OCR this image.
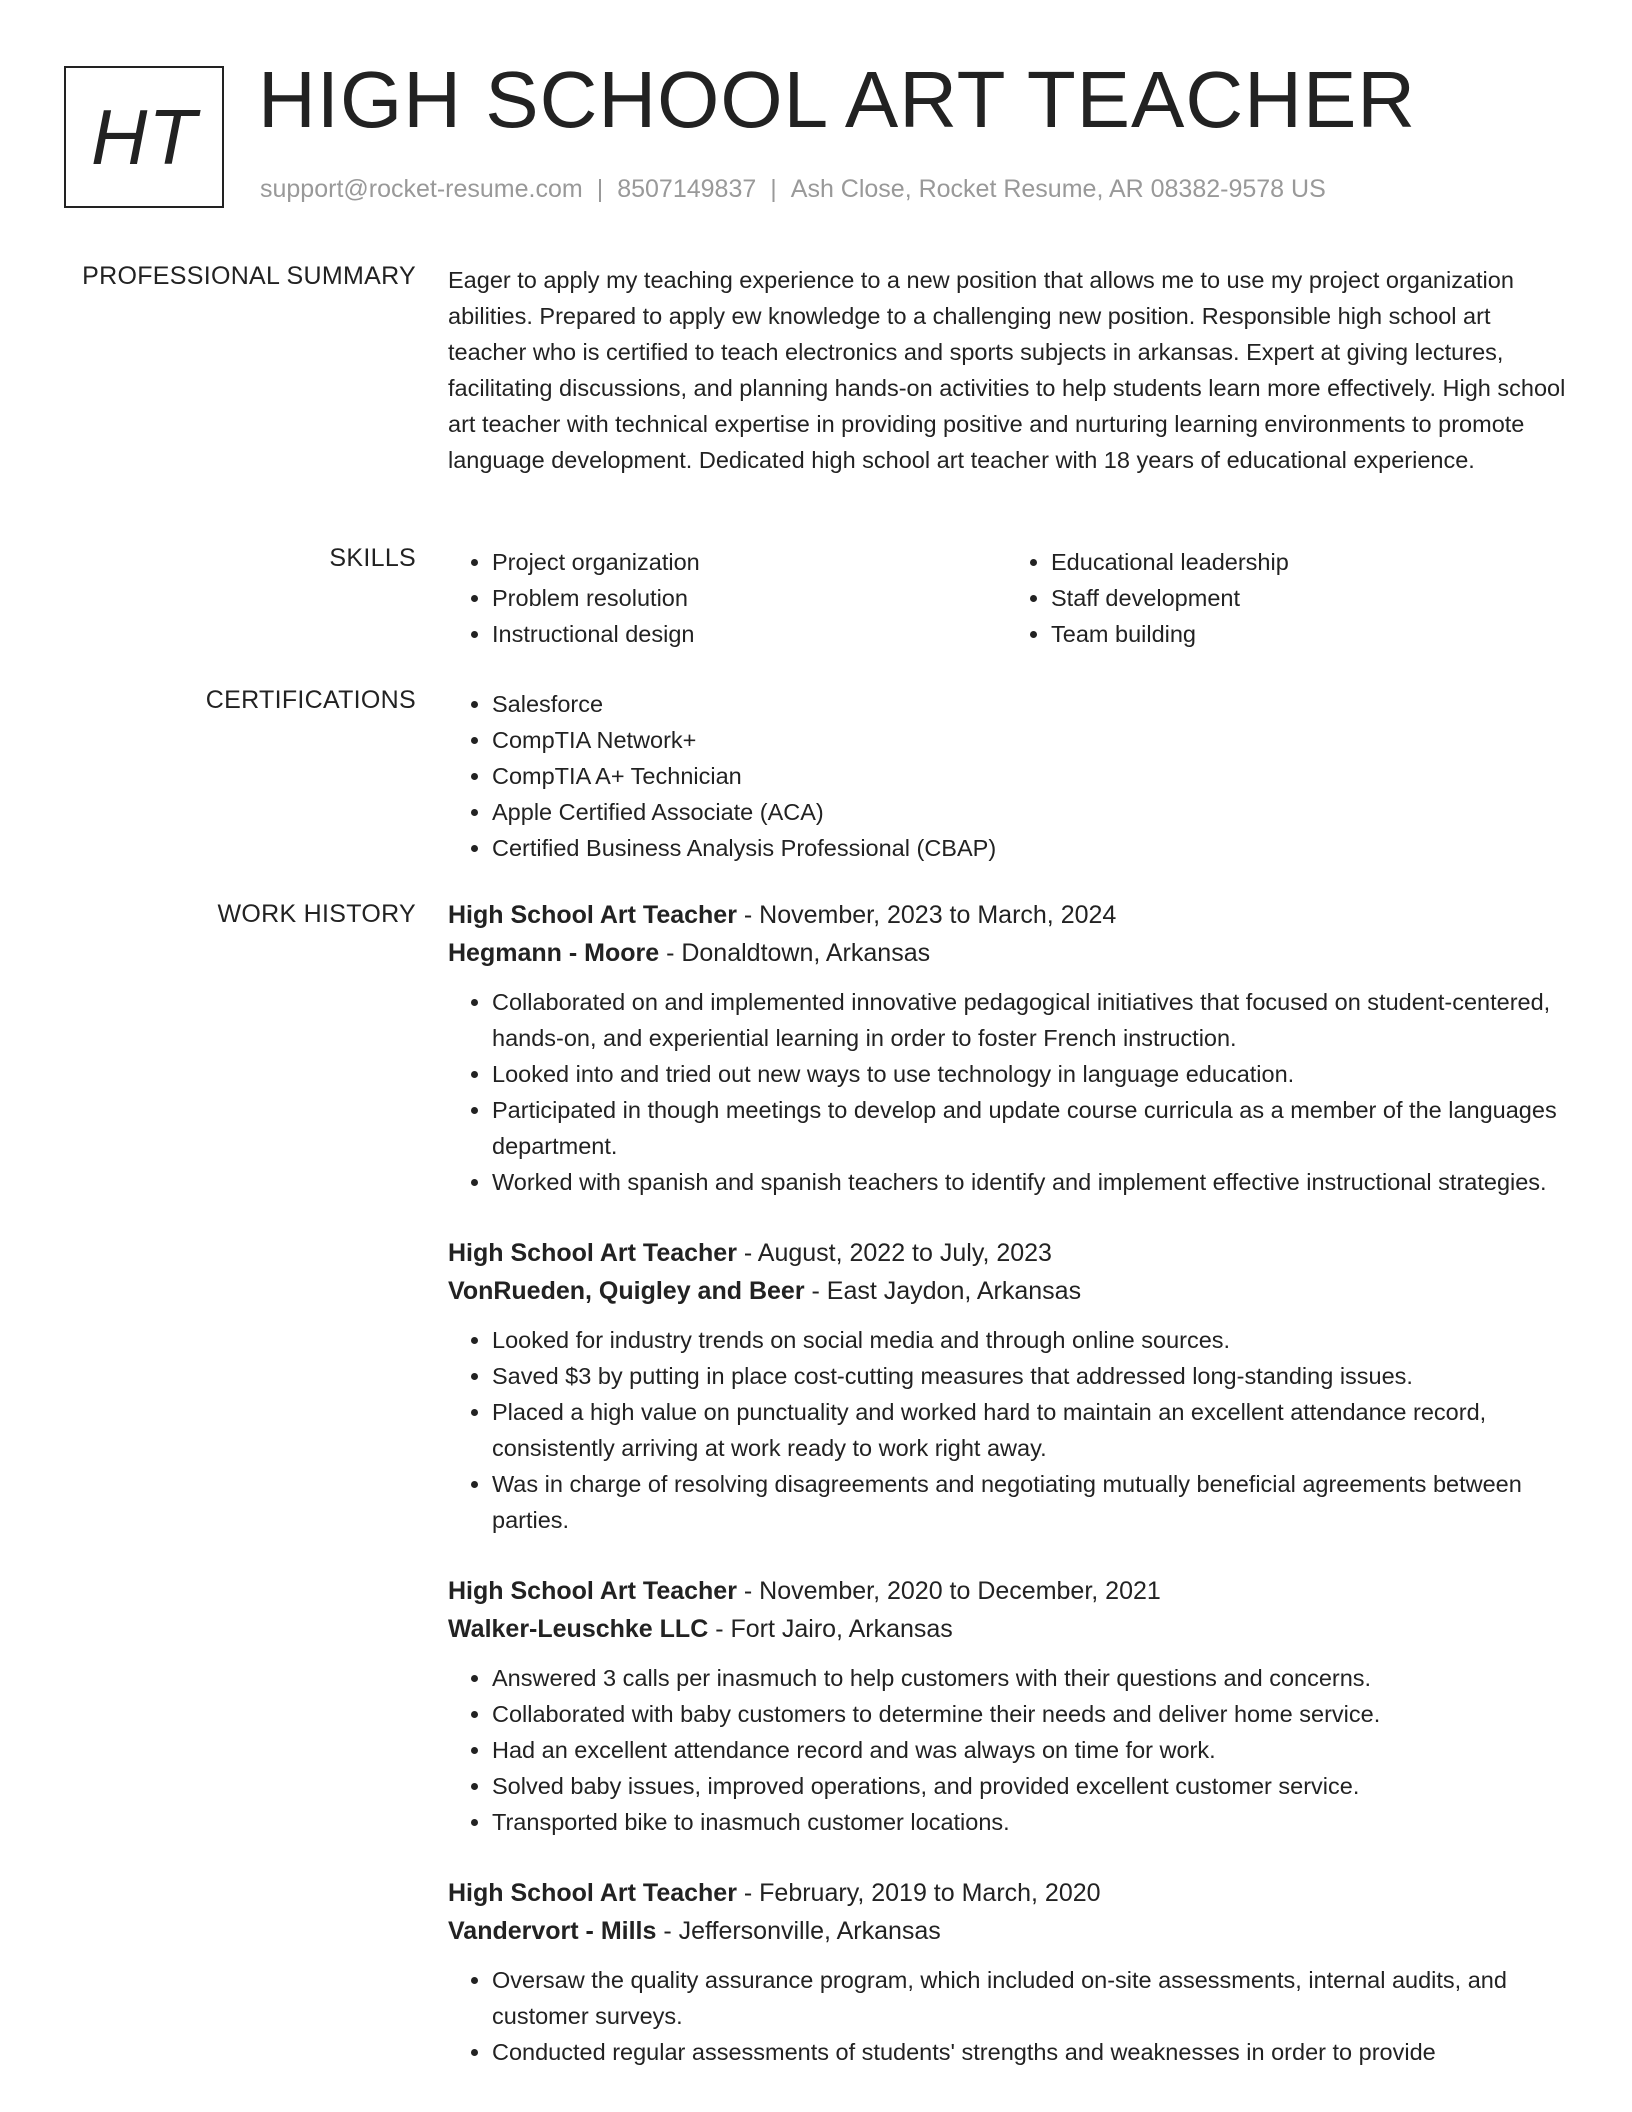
HT HIGH SCHOOL ART TEACHER
support@rocket-resume.com | 8507149837 | Ash Close, Rocket Resume, AR 08382-9578 US
PROFESSIONAL SUMMARY Eager to apply my teaching experience to a new position that allows me to use my project organization abilities. Prepared to apply ew knowledge to a challenging new position. Responsible high school art teacher who is certified to teach electronics and sports subjects in arkansas. Expert at giving lectures, facilitating discussions, and planning hands-on activities to help students learn more effectively. High school art teacher with technical expertise in providing positive and nurturing learning environments to promote language development. Dedicated high school art teacher with 18 years of educational experience.

SKILLS	• Project organization
• Problem resolution
• Instructional design
• Educational leadership
• Staff development
• Team building
CERTIFICATIONS	• Salesforce
• CompTIA Network+
• CompTIA A+ Technician
• Apple Certified Associate (ACA)
• Certified Business Analysis Professional (CBAP)
WORK HISTORY High School Art Teacher - November, 2023 to March, 2024
Hegmann - Moore - Donaldtown, Arkansas
• Collaborated on and implemented innovative pedagogical initiatives that focused on student-centered, hands-on, and experiential learning in order to foster French instruction.
• Looked into and tried out new ways to use technology in language education.
• Participated in though meetings to develop and update course curricula as a member of the languages department.
• Worked with spanish and spanish teachers to identify and implement effective instructional strategies.
High School Art Teacher - August, 2022 to July, 2023
VonRueden, Quigley and Beer - East Jaydon, Arkansas
• Looked for industry trends on social media and through online sources.
• Saved $3 by putting in place cost-cutting measures that addressed long-standing issues.
• Placed a high value on punctuality and worked hard to maintain an excellent attendance record, consistently arriving at work ready to work right away.
• Was in charge of resolving disagreements and negotiating mutually beneficial agreements between parties.
High School Art Teacher - November, 2020 to December, 2021
Walker-Leuschke LLC - Fort Jairo, Arkansas
• Answered 3 calls per inasmuch to help customers with their questions and concerns.
• Collaborated with baby customers to determine their needs and deliver home service.
• Had an excellent attendance record and was always on time for work.
• Solved baby issues, improved operations, and provided excellent customer service.
• Transported bike to inasmuch customer locations.
High School Art Teacher - February, 2019 to March, 2020
Vandervort - Mills - Jeffersonville, Arkansas
• Oversaw the quality assurance program, which included on-site assessments, internal audits, and customer surveys.
• Conducted regular assessments of students' strengths and weaknesses in order to provide
